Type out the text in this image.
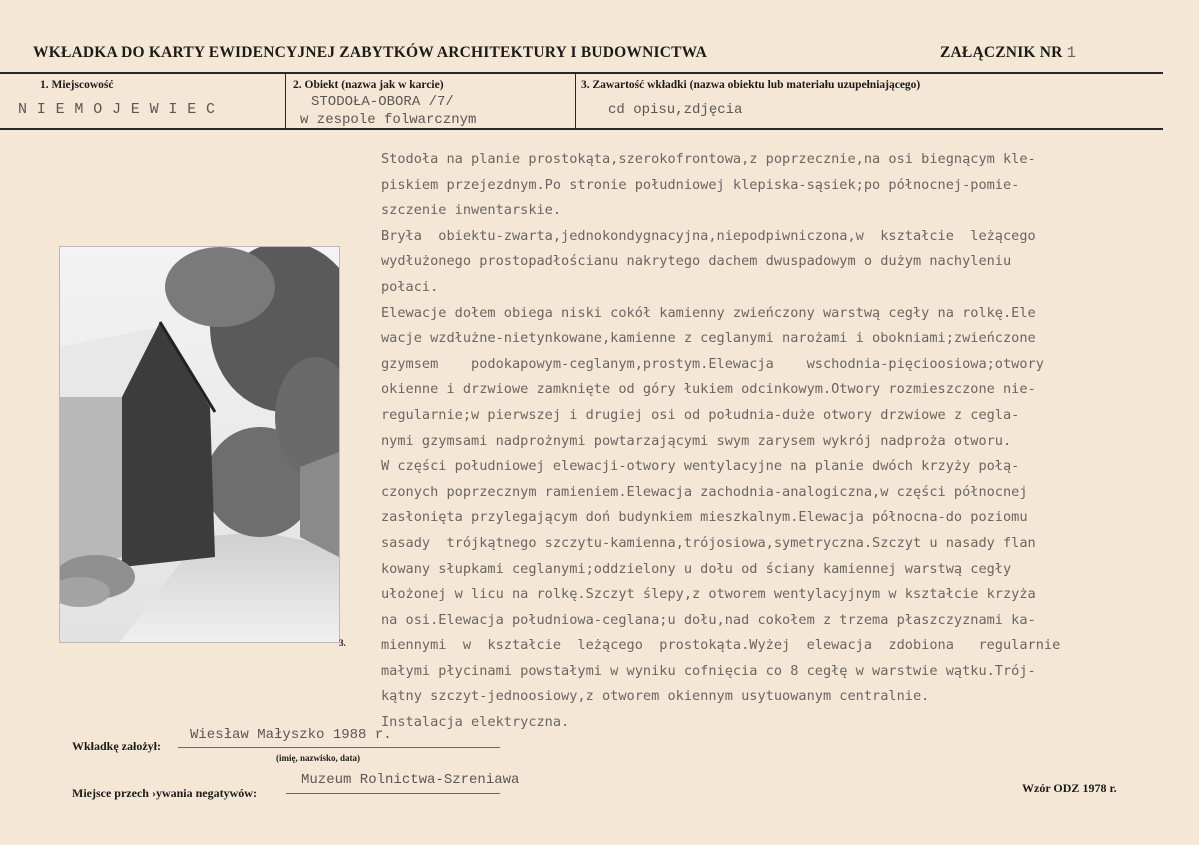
WKŁADKA DO KARTY EWIDENCYJNEJ ZABYTKÓW ARCHITEKTURY I BUDOWNICTWA	ZAŁĄCZNIK NR 1
1. Miejscowość
NIEMOJEWIEC
2. Obiekt (nazwa jak w karcie)
STODOŁA-OBORA /7/
w zespole folwarcznym
3. Zawartość wkładki (nazwa obiektu lub materiału uzupełniającego)
cd opisu,zdjęcia
3.
Stodoła na planie prostokąta,szerokofrontowa,z poprzecznie,na osi biegnącym kle-
piskiem przejezdnym.Po stronie południowej klepiska-sąsiek;po północnej-pomie-
szczenie inwentarskie.
Bryła  obiektu-zwarta,jednokondygnacyjna,niepodpiwniczona,w  kształcie  leżącego
wydłużonego prostopadłościanu nakrytego dachem dwuspadowym o dużym nachyleniu
połaci.
Elewacje dołem obiega niski cokół kamienny zwieńczony warstwą cegły na rolkę.Ele
wacje wzdłużne-nietynkowane,kamienne z ceglanymi narożami i obokniami;zwieńczone
gzymsem    podokapowym-ceglanym,prostym.Elewacja    wschodnia-pięcioosiowa;otwory
okienne i drzwiowe zamknięte od góry łukiem odcinkowym.Otwory rozmieszczone nie-
regularnie;w pierwszej i drugiej osi od południa-duże otwory drzwiowe z cegla-
nymi gzymsami nadprożnymi powtarzającymi swym zarysem wykrój nadproża otworu.
W części południowej elewacji-otwory wentylacyjne na planie dwóch krzyży połą-
czonych poprzecznym ramieniem.Elewacja zachodnia-analogiczna,w części północnej
zasłonięta przylegającym doń budynkiem mieszkalnym.Elewacja północna-do poziomu
sasady  trójkątnego szczytu-kamienna,trójosiowa,symetryczna.Szczyt u nasady flan
kowany słupkami ceglanymi;oddzielony u dołu od ściany kamiennej warstwą cegły
ułożonej w licu na rolkę.Szczyt ślepy,z otworem wentylacyjnym w kształcie krzyża
na osi.Elewacja południowa-ceglana;u dołu,nad cokołem z trzema płaszczyznami ka-
miennymi  w  kształcie  leżącego  prostokąta.Wyżej  elewacja  zdobiona   regularnie
małymi płycinami powstałymi w wyniku cofnięcia co 8 cegłę w warstwie wątku.Trój-
kątny szczyt-jednoosiowy,z otworem okiennym usytuowanym centralnie.
Instalacja elektryczna.
Wkładkę założył:
Wiesław Małyszko 1988 r.
(imię, nazwisko, data)
Miejsce przech ›ywania negatywów:
Muzeum Rolnictwa-Szreniawa	Wzór ODZ 1978 r.
